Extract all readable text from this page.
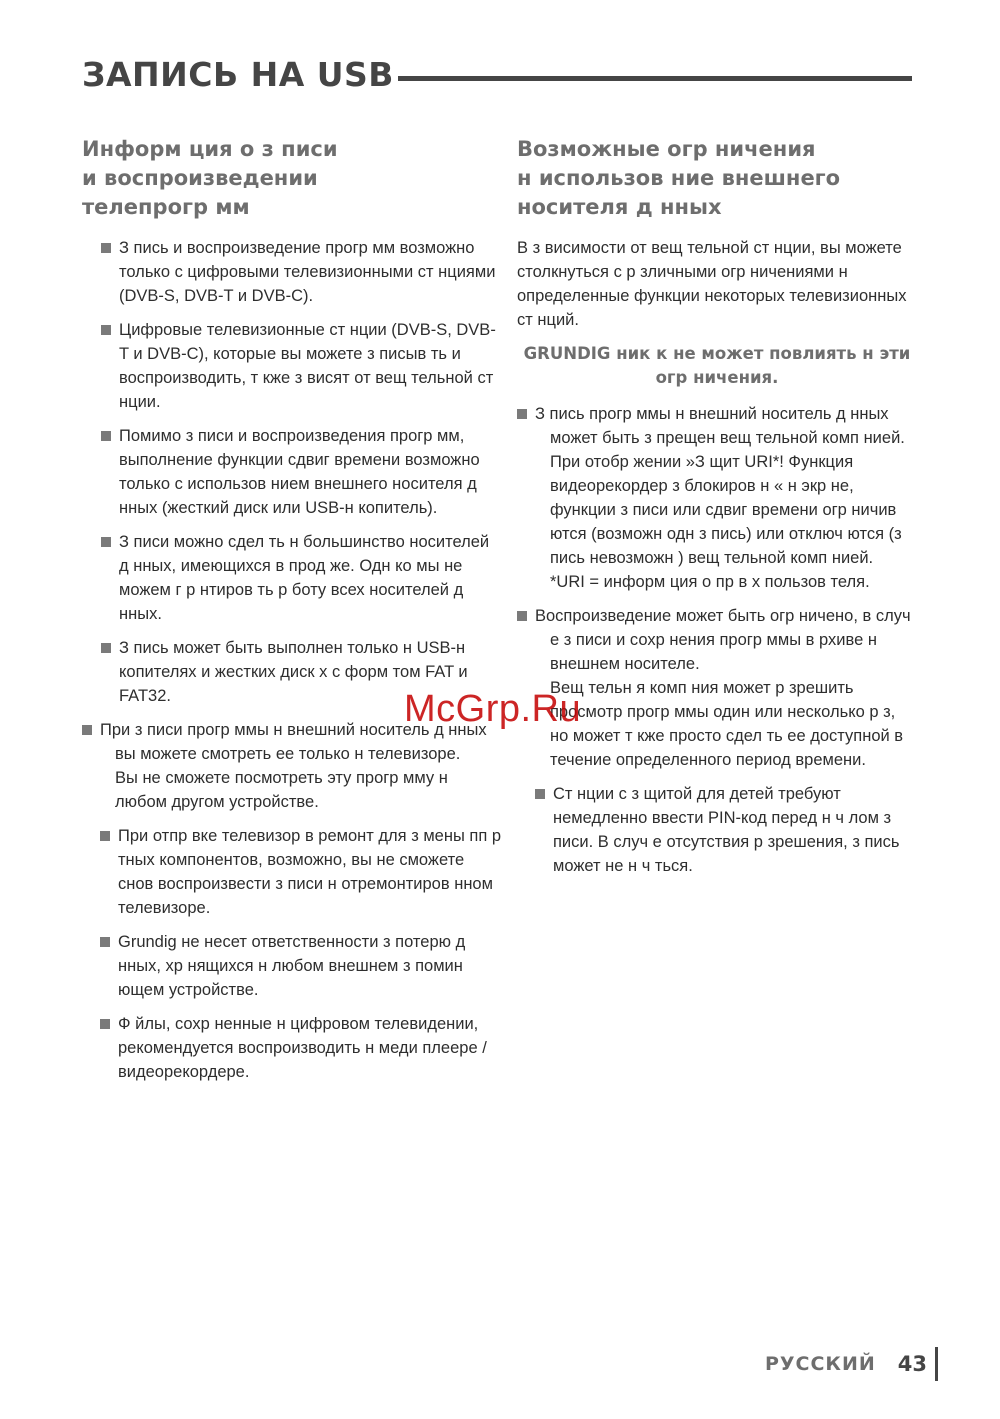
ЗАПИСЬ НА USB
Информ ция о з писи
и воспроизведении
телепрогр мм
З пись и воспроизведение прогр мм возможно только с цифровыми телевизионными ст нциями (DVB-S, DVB-T и DVB-C).
Цифровые телевизионные ст нции (DVB-S, DVB-T и DVB-C), которые вы можете з писыв ть и воспроизводить, т кже з висят от вещ тельной ст нции.
Помимо з писи и воспроизведения прогр мм, выполнение функции сдвиг времени возможно только с использов нием внешнего носителя д нных (жесткий диск или USB-н копитель).
З писи можно сдел ть н большинство носителей д нных, имеющихся в прод же. Одн ко мы не можем г р нтиров ть р боту всех носителей д нных.
З пись может быть выполнен только н USB-н копителях и жестких диск х с форм том FAT и FAT32.
При з писи прогр ммы н внешний носитель д нных вы можете смотреть ее только н телевизоре.
Вы не сможете посмотреть эту прогр мму н любом другом устройстве.
При отпр вке телевизор в ремонт для з мены пп р тных компонентов, возможно, вы не сможете снов воспроизвести з писи н отремонтиров нном телевизоре.
Grundig не несет ответственности з потерю д нных, хр нящихся н любом внешнем з помин ющем устройстве.
Ф йлы, сохр ненные н цифровом телевидении, рекомендуется воспроизводить н меди плеере / видеорекордере.
Возможные огр ничения
н использов ние внешнего
носителя д нных

В з висимости от вещ тельной ст нции, вы можете столкнуться с р зличными огр ничениями н определенные функции некоторых телевизионных ст нций.

GRUNDIG ник к не может повлиять н эти огр ничения.

З пись прогр ммы н внешний носитель д нных может быть з прещен вещ тельной комп нией.
При отобр жении »З щит URI*! Функция видеорекордер з блокиров н « н экр не, функции з писи или сдвиг времени огр ничив ются (возможн одн з пись) или отключ ются (з пись невозможн ) вещ тельной комп нией.
*URI = информ ция о пр в х пользов теля.
Воспроизведение может быть огр ничено, в случ е з писи и сохр нения прогр ммы в рхиве н внешнем носителе.
Вещ тельн я комп ния может р зрешить просмотр прогр ммы один или несколько р з, но может т кже просто сдел ть ее доступной в течение определенного период времени.
Ст нции с з щитой для детей требуют немедленно ввести PIN-код перед н ч лом з писи. В случ е отсутствия р зрешения, з пись может не н ч ться.
McGrp.Ru
РУССКИЙ 43
